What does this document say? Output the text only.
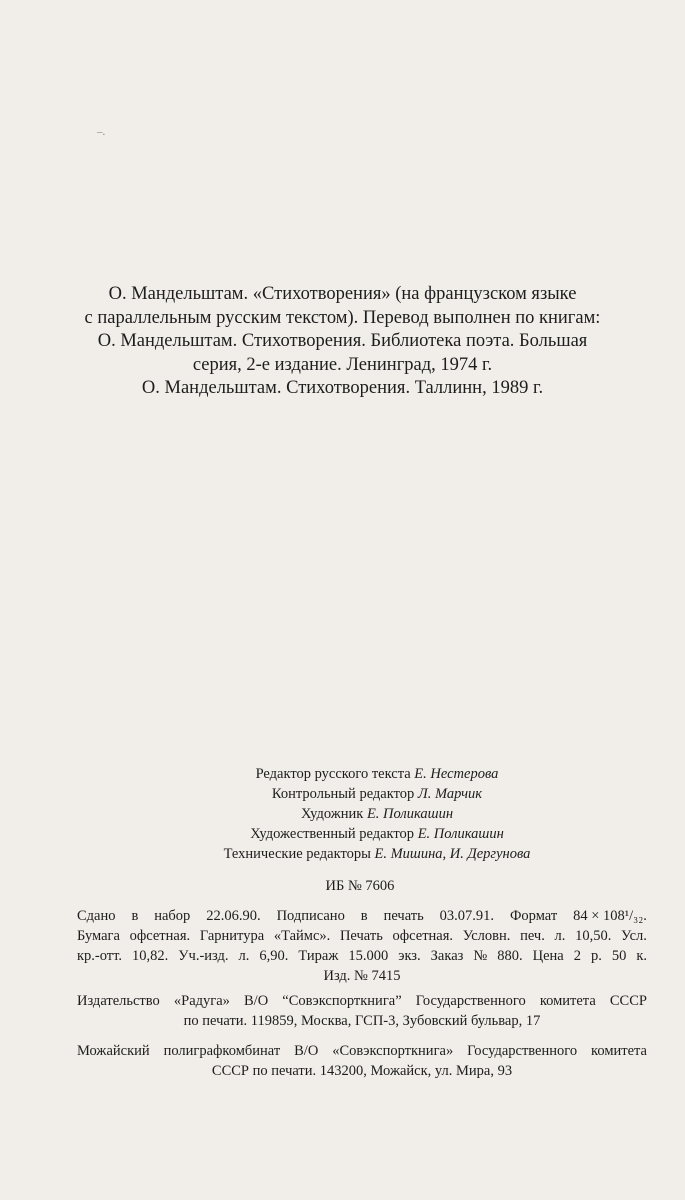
–.
О. Мандельштам. «Стихотворения» (на французском языке
с параллельным русским текстом). Перевод выполнен по книгам:
О. Мандельштам. Стихотворения. Библиотека поэта. Большая
серия, 2-е издание. Ленинград, 1974 г.
О. Мандельштам. Стихотворения. Таллинн, 1989 г.
Редактор русского текста Е. Нестерова
Контрольный редактор Л. Марчик
Художник Е. Поликашин
Художественный редактор Е. Поликашин
Технические редакторы Е. Мишина, И. Дергунова
ИБ № 7606
Сдано в набор 22.06.90. Подписано в печать 03.07.91. Формат 84 × 108¹/₃₂.
Бумага офсетная. Гарнитура «Таймс». Печать офсетная. Условн. печ. л. 10,50. Усл.
кр.-отт. 10,82. Уч.-изд. л. 6,90. Тираж 15.000 экз. Заказ № 880. Цена 2 р. 50 к.
Изд. № 7415
Издательство «Радуга» В/О “Совэкспорткнига” Государственного комитета СССР
по печати. 119859, Москва, ГСП-3, Зубовский бульвар, 17
Можайский полиграфкомбинат В/О «Совэкспорткнига» Государственного комитета
СССР по печати. 143200, Можайск, ул. Мира, 93
